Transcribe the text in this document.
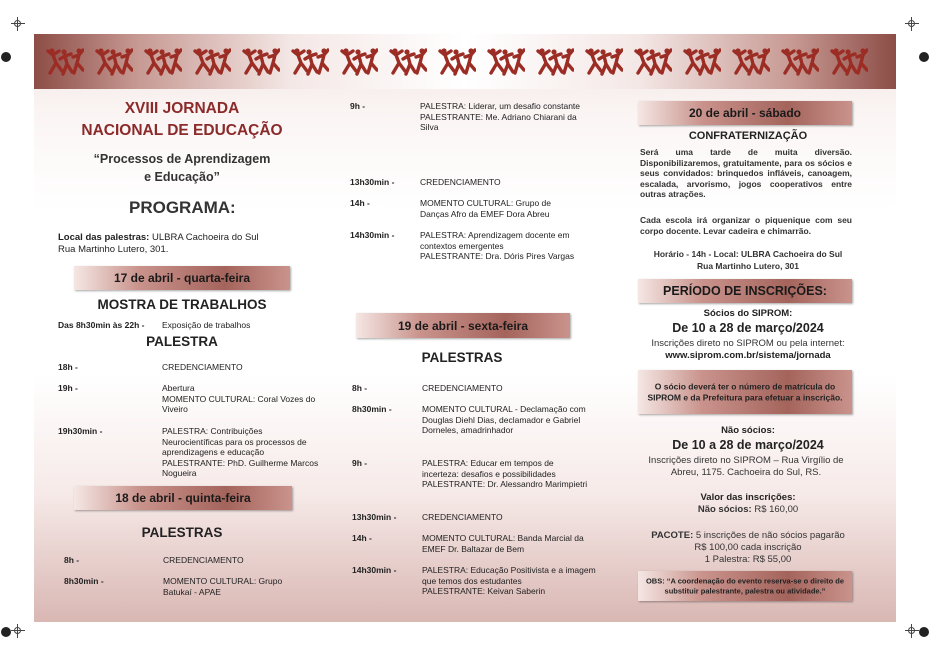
XVIII JORNADA
NACIONAL DE EDUCAÇÃO
“Processos de Aprendizagem
e Educação”
PROGRAMA:
Local das palestras: ULBRA Cachoeira do Sul
Rua Martinho Lutero, 301.
17 de abril - quarta-feira
MOSTRA DE TRABALHOS
Das 8h30min às 22h - Exposição de trabalhos
PALESTRA
18h -	CREDENCIAMENTO
19h -	Abertura
MOMENTO CULTURAL: Coral Vozes do Viveiro
19h30min -	PALESTRA: Contribuições Neurocientíficas para os processos de aprendizagens e educação
PALESTRANTE: PhD. Guilherme Marcos Nogueira
18 de abril - quinta-feira
PALESTRAS
8h -	CREDENCIAMENTO
8h30min -	MOMENTO CULTURAL: Grupo Batukaí - APAE
9h -	PALESTRA: Liderar, um desafio constante
PALESTRANTE: Me. Adriano Chiarani da Silva
13h30min -	CREDENCIAMENTO
14h -	MOMENTO CULTURAL: Grupo de Danças Afro da EMEF Dora Abreu
14h30min -	PALESTRA: Aprendizagem docente em contextos emergentes
PALESTRANTE: Dra. Dóris Pires Vargas
19 de abril - sexta-feira
PALESTRAS
8h -	CREDENCIAMENTO
8h30min -	MOMENTO CULTURAL - Declamação com Douglas Diehl Dias, declamador e Gabriel Dorneles, amadrinhador
9h -	PALESTRA: Educar em tempos de incerteza: desafios e possibilidades
PALESTRANTE: Dr. Alessandro Marimpietri
13h30min -	CREDENCIAMENTO
14h -	MOMENTO CULTURAL: Banda Marcial da EMEF Dr. Baltazar de Bem
14h30min -	PALESTRA: Educação Positivista e a imagem que temos dos estudantes
PALESTRANTE: Keivan Saberin
20 de abril - sábado
CONFRATERNIZAÇÃO
Será uma tarde de muita diversão. Disponibilizaremos, gratuitamente, para os sócios e seus convidados: brinquedos infláveis, canoagem, escalada, arvorismo, jogos cooperativos entre outras atrações.
Cada escola irá organizar o piquenique com seu corpo docente. Levar cadeira e chimarrão.
Horário - 14h - Local: ULBRA Cachoeira do Sul
Rua Martinho Lutero, 301
PERÍODO DE INSCRIÇÕES:
Sócios do SIPROM:
De 10 a 28 de março/2024
Inscrições direto no SIPROM ou pela internet:
www.siprom.com.br/sistema/jornada
O sócio deverá ter o número de matrícula do SIPROM e da Prefeitura para efetuar a inscrição.
Não sócios:
De 10 a 28 de março/2024
Inscrições direto no SIPROM – Rua Virgílio de Abreu, 1175. Cachoeira do Sul, RS.
Valor das inscrições:
Não sócios: R$ 160,00
PACOTE: 5 inscrições de não sócios pagarão
R$ 100,00 cada inscrição
1 Palestra: R$ 55,00
OBS: “A coordenação do evento reserva-se o direito de substituir palestrante, palestra ou atividade.”
